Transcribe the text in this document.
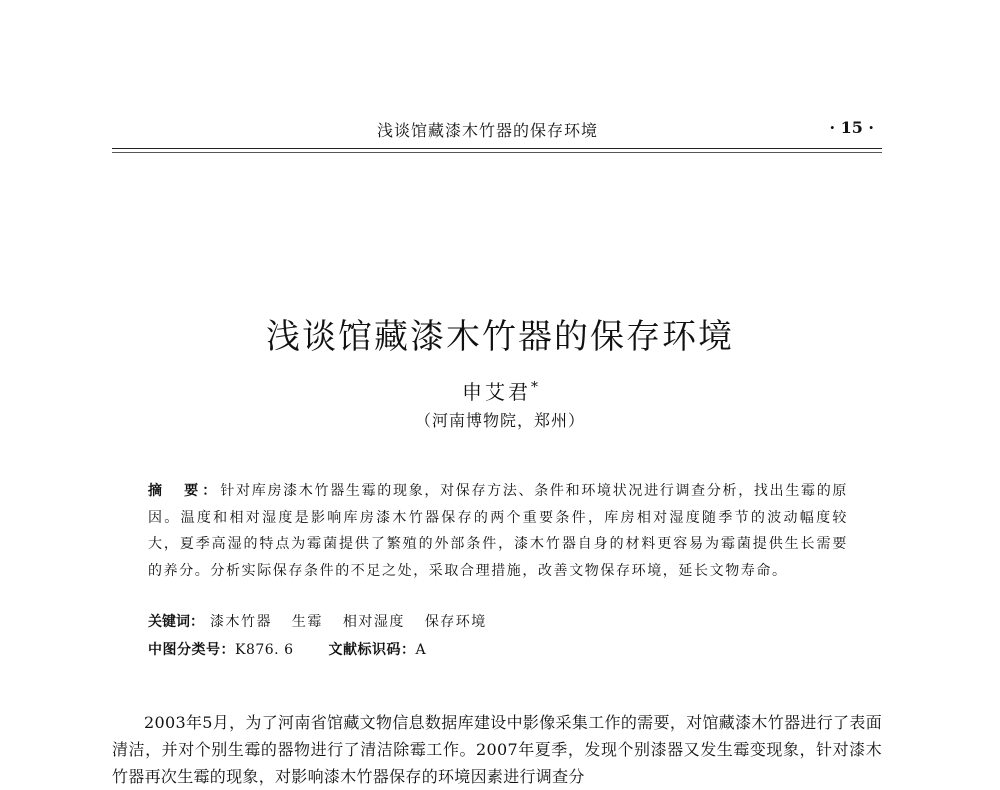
浅谈馆藏漆木竹器的保存环境	· 15 ·
浅谈馆藏漆木竹器的保存环境
申艾君*
（河南博物院，郑州）
摘　要：针对库房漆木竹器生霉的现象，对保存方法、条件和环境状况进行调查分析，找出生霉的原因。温度和相对湿度是影响库房漆木竹器保存的两个重要条件，库房相对湿度随季节的波动幅度较大，夏季高湿的特点为霉菌提供了繁殖的外部条件，漆木竹器自身的材料更容易为霉菌提供生长需要的养分。分析实际保存条件的不足之处，采取合理措施，改善文物保存环境，延长文物寿命。
关键词： 漆木竹器 生霉 相对湿度 保存环境
中图分类号：K876. 6 文献标识码：A

2003年5月，为了河南省馆藏文物信息数据库建设中影像采集工作的需要，对馆藏漆木竹器进行了表面清洁，并对个别生霉的器物进行了清洁除霉工作。2007年夏季，发现个别漆器又发生霉变现象，针对漆木竹器再次生霉的现象，对影响漆木竹器保存的环境因素进行调查分
